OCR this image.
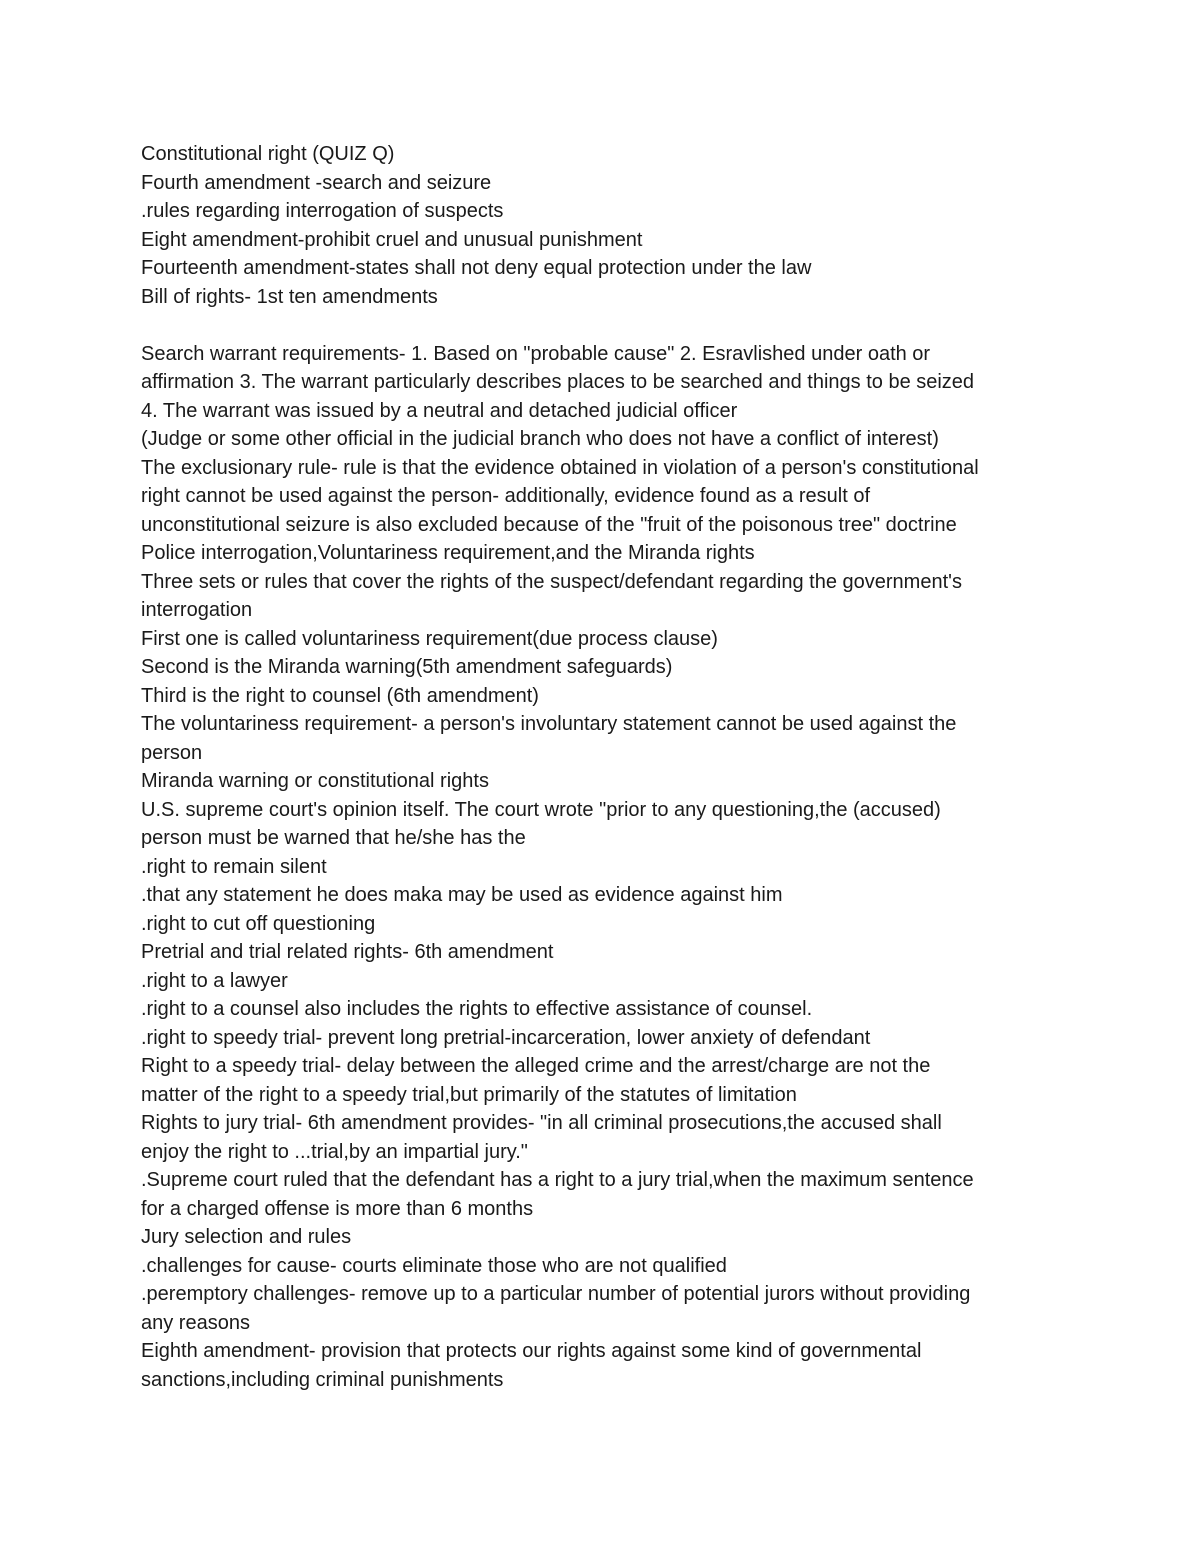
Constitutional right (QUIZ Q)
Fourth amendment -search and seizure
.rules regarding interrogation of suspects
Eight amendment-prohibit cruel and unusual punishment
Fourteenth amendment-states shall not deny equal protection under the law
Bill of rights- 1st ten amendments
Search warrant requirements- 1. Based on "probable cause" 2. Esravlished under oath or
affirmation 3. The warrant particularly describes places to be searched and things to be seized
4. The warrant was issued by a neutral and detached judicial officer
(Judge or some other official in the judicial branch who does not have a conflict of interest)
The exclusionary rule- rule is that the evidence obtained in violation of a person's constitutional
right cannot be used against the person- additionally, evidence found as a result of
unconstitutional seizure is also excluded because of the "fruit of the poisonous tree" doctrine
Police interrogation,Voluntariness requirement,and the Miranda rights
Three sets or rules that cover the rights of the suspect/defendant regarding the government's
interrogation
First one is called voluntariness requirement(due process clause)
Second is the Miranda warning(5th amendment safeguards)
Third is the right to counsel (6th amendment)
The voluntariness requirement- a person's involuntary statement cannot be used against the
person
Miranda warning or constitutional rights
U.S. supreme court's opinion itself. The court wrote "prior to any questioning,the (accused)
person must be warned that he/she has the
.right to remain silent
.that any statement he does maka may be used as evidence against him
.right to cut off questioning
Pretrial and trial related rights- 6th amendment
.right to a lawyer
.right to a counsel also includes the rights to effective assistance of counsel.
.right to speedy trial- prevent long pretrial-incarceration, lower anxiety of defendant
Right to a speedy trial- delay between the alleged crime and the arrest/charge are not the
matter of the right to a speedy trial,but primarily of the statutes of limitation
Rights to jury trial- 6th amendment provides- "in all criminal prosecutions,the accused shall
enjoy the right to ...trial,by an impartial jury."
.Supreme court ruled that the defendant has a right to a jury trial,when the maximum sentence
for a charged offense is more than 6 months
Jury selection and rules
.challenges for cause- courts eliminate those who are not qualified
.peremptory challenges- remove up to a particular number of potential jurors without providing
any reasons
Eighth amendment- provision that protects our rights against some kind of governmental
sanctions,including criminal punishments
